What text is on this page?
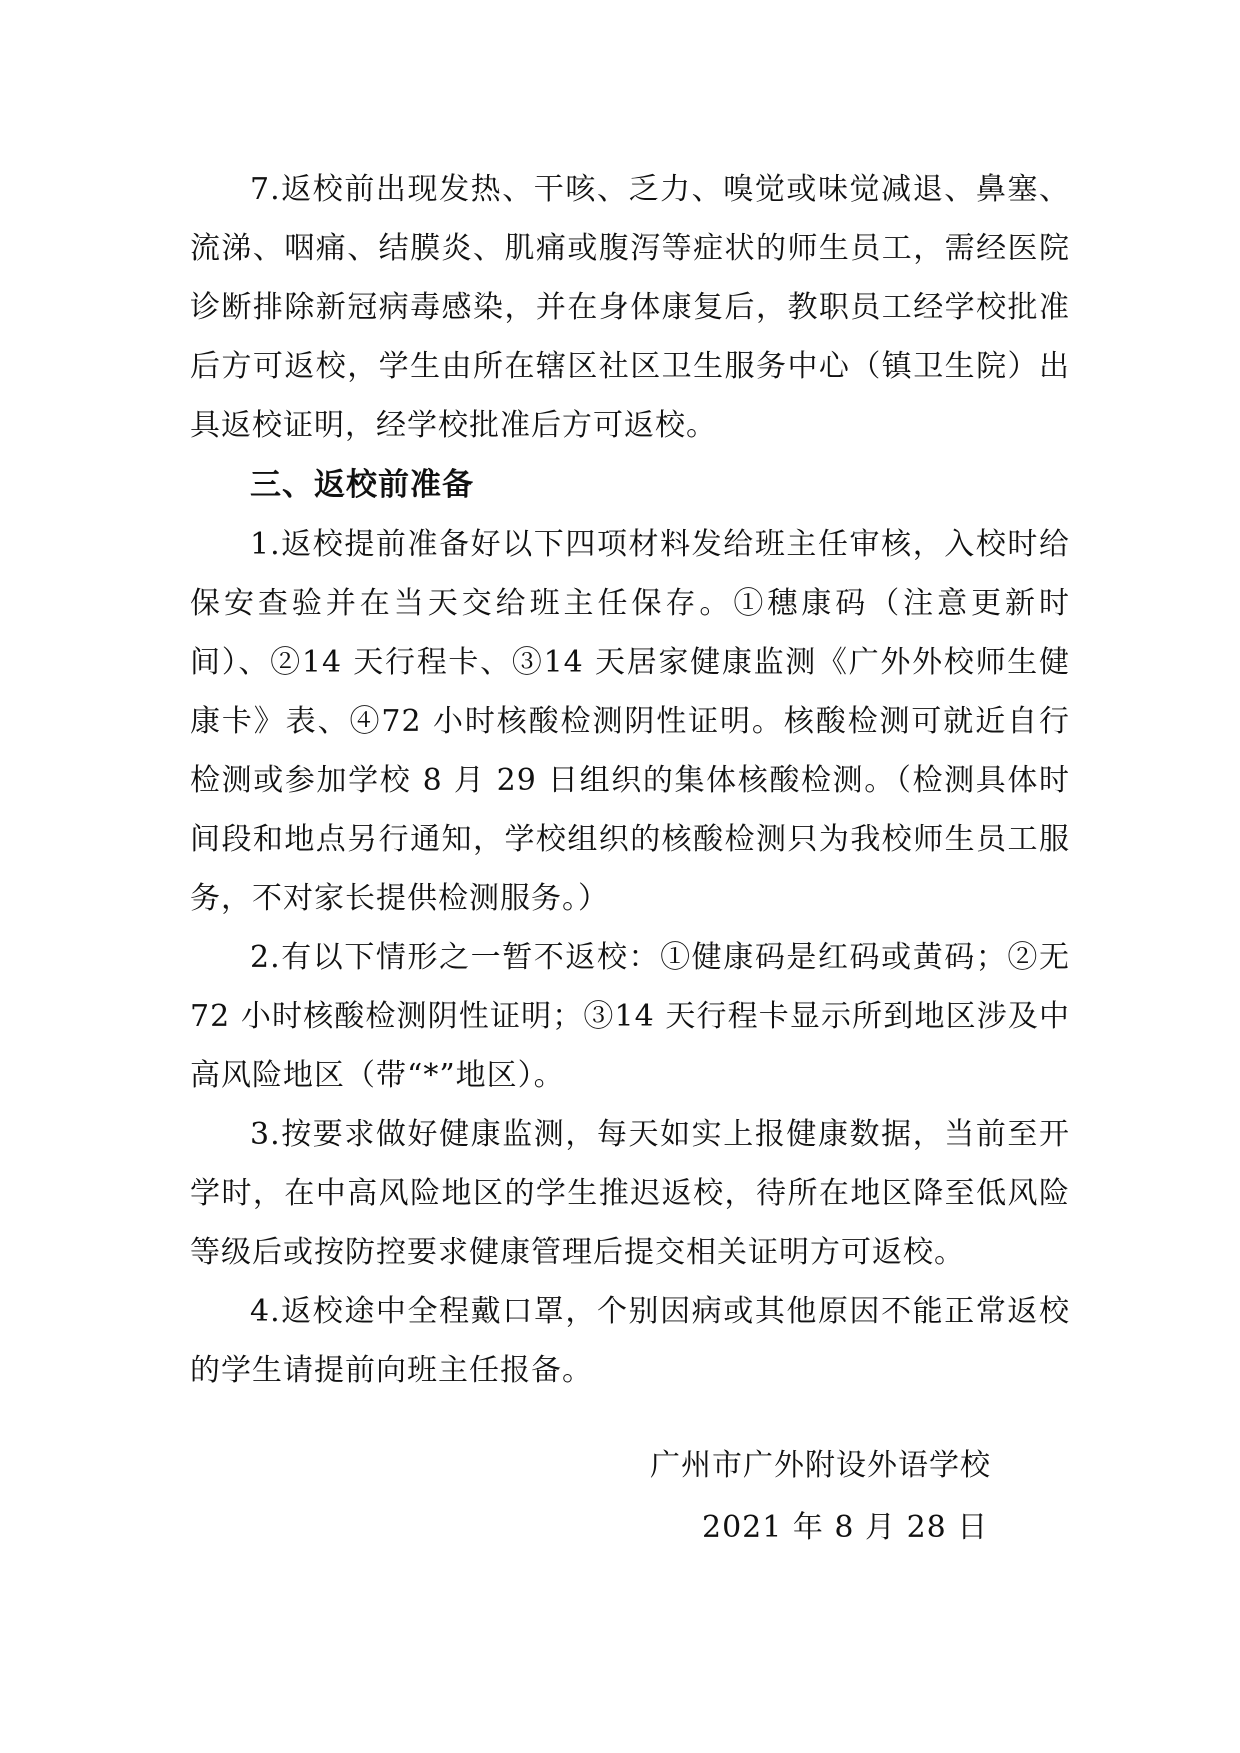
7.返校前出现发热、干咳、乏力、嗅觉或味觉减退、鼻塞、流涕、咽痛、结膜炎、肌痛或腹泻等症状的师生员工，需经医院诊断排除新冠病毒感染，并在身体康复后，教职员工经学校批准后方可返校，学生由所在辖区社区卫生服务中心（镇卫生院）出具返校证明，经学校批准后方可返校。

三、返校前准备

1.返校提前准备好以下四项材料发给班主任审核，入校时给保安查验并在当天交给班主任保存。①穗康码（注意更新时间）、②14 天行程卡、③14 天居家健康监测《广外外校师生健康卡》表、④72 小时核酸检测阴性证明。核酸检测可就近自行检测或参加学校 8 月 29 日组织的集体核酸检测。（检测具体时间段和地点另行通知，学校组织的核酸检测只为我校师生员工服务，不对家长提供检测服务。）

2.有以下情形之一暂不返校：①健康码是红码或黄码；②无 72 小时核酸检测阴性证明；③14 天行程卡显示所到地区涉及中高风险地区（带“*”地区）。

3.按要求做好健康监测，每天如实上报健康数据，当前至开学时，在中高风险地区的学生推迟返校，待所在地区降至低风险等级后或按防控要求健康管理后提交相关证明方可返校。

4.返校途中全程戴口罩，个别因病或其他原因不能正常返校的学生请提前向班主任报备。

广州市广外附设外语学校
2021 年 8 月 28 日
